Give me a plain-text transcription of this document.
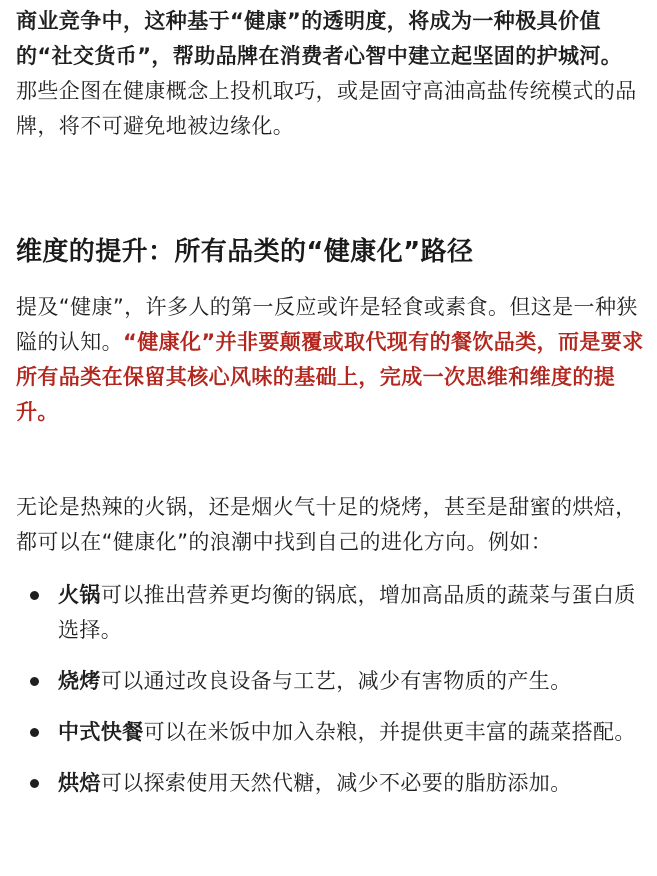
商业竞争中，这种基于“健康”的透明度，将成为一种极具价值的“社交货币”，帮助品牌在消费者心智中建立起坚固的护城河。 那些企图在健康概念上投机取巧，或是固守高油高盐传统模式的品牌，将不可避免地被边缘化。

维度的提升：所有品类的“健康化”路径

提及“健康”，许多人的第一反应或许是轻食或素食。但这是一种狭隘的认知。“健康化”并非要颠覆或取代现有的餐饮品类，而是要求所有品类在保留其核心风味的基础上，完成一次思维和维度的提升。

无论是热辣的火锅，还是烟火气十足的烧烤，甚至是甜蜜的烘焙，都可以在“健康化”的浪潮中找到自己的进化方向。例如：

火锅可以推出营养更均衡的锅底，增加高品质的蔬菜与蛋白质选择。
烧烤可以通过改良设备与工艺，减少有害物质的产生。
中式快餐可以在米饭中加入杂粮，并提供更丰富的蔬菜搭配。
烘焙可以探索使用天然代糖，减少不必要的脂肪添加。
